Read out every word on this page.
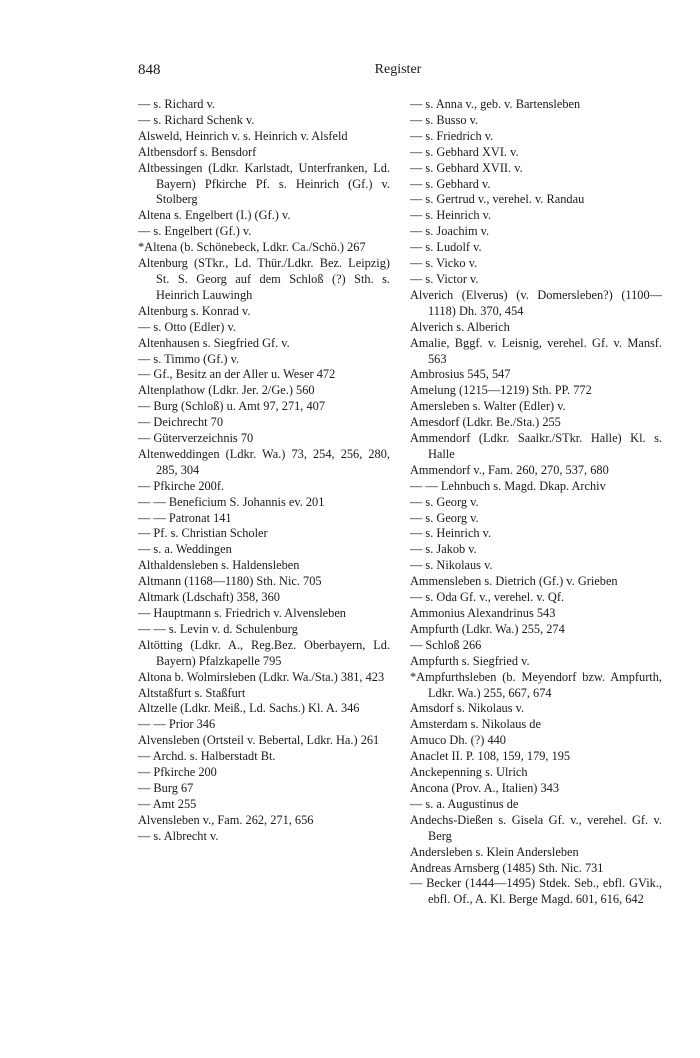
848	Register
— s. Richard v.
— s. Richard Schenk v.
Alsweld, Heinrich v. s. Heinrich v. Alsfeld
Altbensdorf s. Bensdorf
Altbessingen (Ldkr. Karlstadt, Unterfranken, Ld. Bayern) Pfkirche Pf. s. Heinrich (Gf.) v. Stolberg
Altena s. Engelbert (I.) (Gf.) v.
— s. Engelbert (Gf.) v.
*Altena (b. Schönebeck, Ldkr. Ca./Schö.) 267
Altenburg (STkr., Ld. Thür./Ldkr. Bez. Leipzig) St. S. Georg auf dem Schloß (?) Sth. s. Heinrich Lauwingh
Altenburg s. Konrad v.
— s. Otto (Edler) v.
Altenhausen s. Siegfried Gf. v.
— s. Timmo (Gf.) v.
— Gf., Besitz an der Aller u. Weser 472
Altenplathow (Ldkr. Jer. 2/Ge.) 560
— Burg (Schloß) u. Amt 97, 271, 407
— Deichrecht 70
— Güterverzeichnis 70
Altenweddingen (Ldkr. Wa.) 73, 254, 256, 280, 285, 304
— Pfkirche 200f.
— — Beneficium S. Johannis ev. 201
— — Patronat 141
— Pf. s. Christian Scholer
— s. a. Weddingen
Althaldensleben s. Haldensleben
Altmann (1168—1180) Sth. Nic. 705
Altmark (Ldschaft) 358, 360
— Hauptmann s. Friedrich v. Alvensleben
— — s. Levin v. d. Schulenburg
Altötting (Ldkr. A., Reg.Bez. Oberbayern, Ld. Bayern) Pfalzkapelle 795
Altona b. Wolmirsleben (Ldkr. Wa./Sta.) 381, 423
Altstaßfurt s. Staßfurt
Altzelle (Ldkr. Meiß., Ld. Sachs.) Kl. A. 346
— — Prior 346
Alvensleben (Ortsteil v. Bebertal, Ldkr. Ha.) 261
— Archd. s. Halberstadt Bt.
— Pfkirche 200
— Burg 67
— Amt 255
Alvensleben v., Fam. 262, 271, 656
— s. Albrecht v.
— s. Anna v., geb. v. Bartensleben
— s. Busso v.
— s. Friedrich v.
— s. Gebhard XVI. v.
— s. Gebhard XVII. v.
— s. Gebhard v.
— s. Gertrud v., verehel. v. Randau
— s. Heinrich v.
— s. Joachim v.
— s. Ludolf v.
— s. Vicko v.
— s. Victor v.
Alverich (Elverus) (v. Domersleben?) (1100—1118) Dh. 370, 454
Alverich s. Alberich
Amalie, Bggf. v. Leisnig, verehel. Gf. v. Mansf. 563
Ambrosius 545, 547
Amelung (1215—1219) Sth. PP. 772
Amersleben s. Walter (Edler) v.
Amesdorf (Ldkr. Be./Sta.) 255
Ammendorf (Ldkr. Saalkr./STkr. Halle) Kl. s. Halle
Ammendorf v., Fam. 260, 270, 537, 680
— — Lehnbuch s. Magd. Dkap. Archiv
— s. Georg v.
— s. Georg v.
— s. Heinrich v.
— s. Jakob v.
— s. Nikolaus v.
Ammensleben s. Dietrich (Gf.) v. Grieben
— s. Oda Gf. v., verehel. v. Qf.
Ammonius Alexandrinus 543
Ampfurth (Ldkr. Wa.) 255, 274
— Schloß 266
Ampfurth s. Siegfried v.
*Ampfurthsleben (b. Meyendorf bzw. Ampfurth, Ldkr. Wa.) 255, 667, 674
Amsdorf s. Nikolaus v.
Amsterdam s. Nikolaus de
Amuco Dh. (?) 440
Anaclet II. P. 108, 159, 179, 195
Anckepenning s. Ulrich
Ancona (Prov. A., Italien) 343
— s. a. Augustinus de
Andechs-Dießen s. Gisela Gf. v., verehel. Gf. v. Berg
Andersleben s. Klein Andersleben
Andreas Arnsberg (1485) Sth. Nic. 731
— Becker (1444—1495) Stdek. Seb., ebfl. GVik., ebfl. Of., A. Kl. Berge Magd. 601, 616, 642
